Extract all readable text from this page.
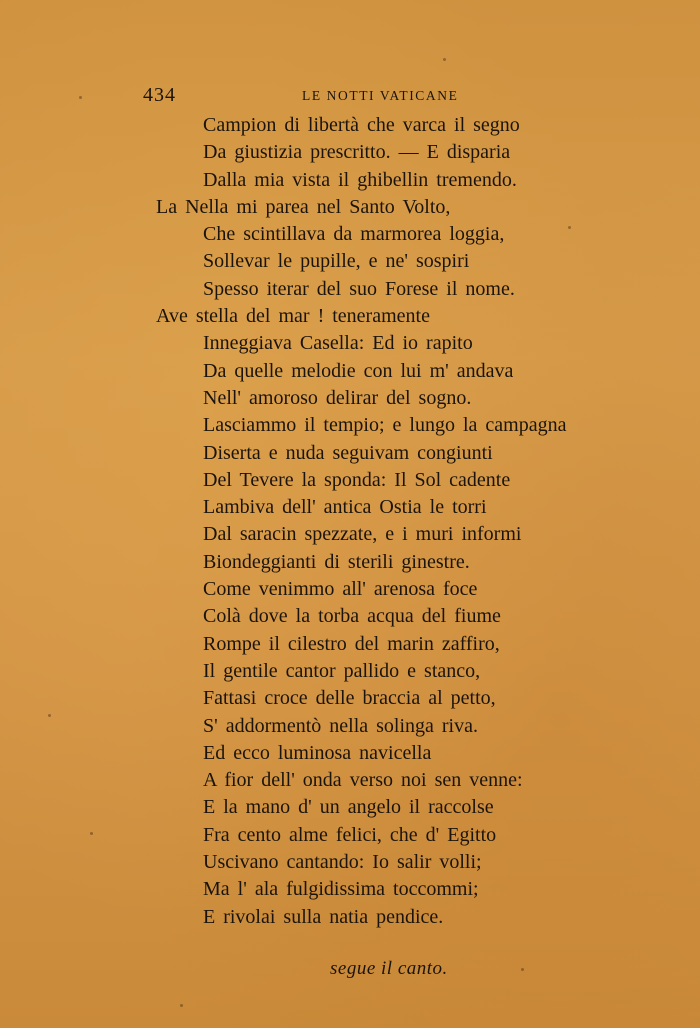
434	LE NOTTI VATICANE
Campion di libertà che varca il segno
Da giustizia prescritto. — E disparia
Dalla mia vista il ghibellin tremendo.
La Nella mi parea nel Santo Volto,
Che scintillava da marmorea loggia,
Sollevar le pupille, e ne' sospiri
Spesso iterar del suo Forese il nome.
Ave stella del mar ! teneramente
Inneggiava Casella: Ed io rapito
Da quelle melodie con lui m' andava
Nell' amoroso delirar del sogno.
Lasciammo il tempio; e lungo la campagna
Diserta e nuda seguivam congiunti
Del Tevere la sponda: Il Sol cadente
Lambiva dell' antica Ostia le torri
Dal saracin spezzate, e i muri informi
Biondeggianti di sterili ginestre.
Come venimmo all' arenosa foce
Colà dove la torba acqua del fiume
Rompe il cilestro del marin zaffiro,
Il gentile cantor pallido e stanco,
Fattasi croce delle braccia al petto,
S' addormentò nella solinga riva.
Ed ecco luminosa navicella
A fior dell' onda verso noi sen venne:
E la mano d' un angelo il raccolse
Fra cento alme felici, che d' Egitto
Uscivano cantando: Io salir volli;
Ma l' ala fulgidissima toccommi;
E rivolai sulla natia pendice.
segue il canto.
